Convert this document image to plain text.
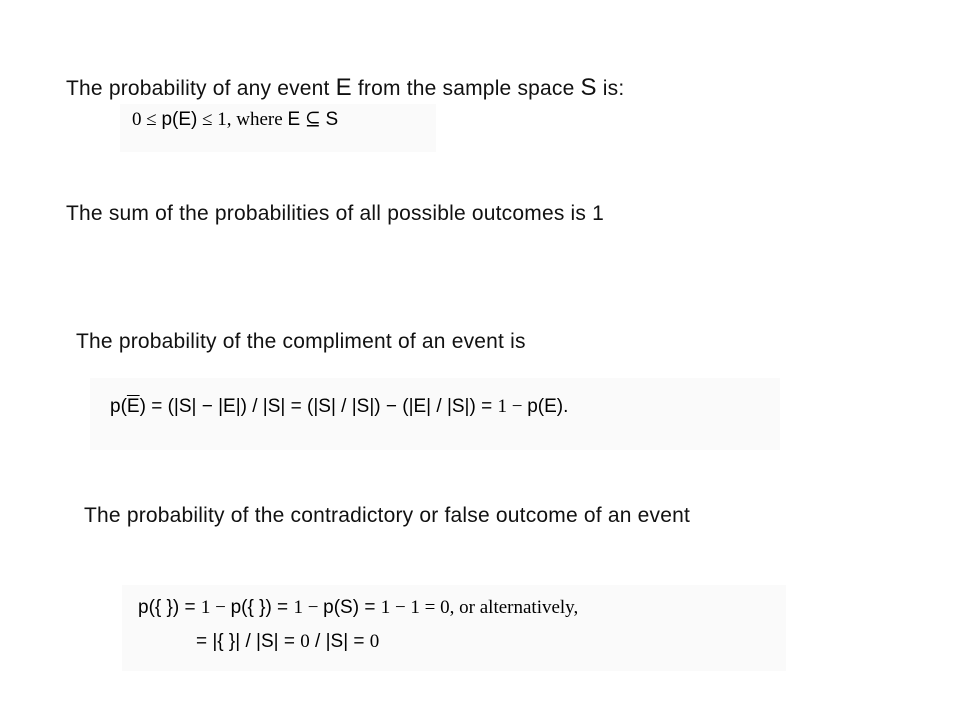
The probability of any event E from the sample space S is:
0 ≤ p(E) ≤ 1, where E ⊆ S
The sum of the probabilities of all possible outcomes is 1
The probability of the compliment of an event is
$p(\overline{E}) = (|S| - |E|) / |S| = (|S| / |S|) - (|E| / |S|) = 1 - p(E)$.
The probability of the contradictory or false outcome of an event
p({ }) = 1 − p({ }) = 1 − p(S) = 1 − 1 = 0, or alternatively,
= |{ }| / |S| = 0 / |S| = 0
